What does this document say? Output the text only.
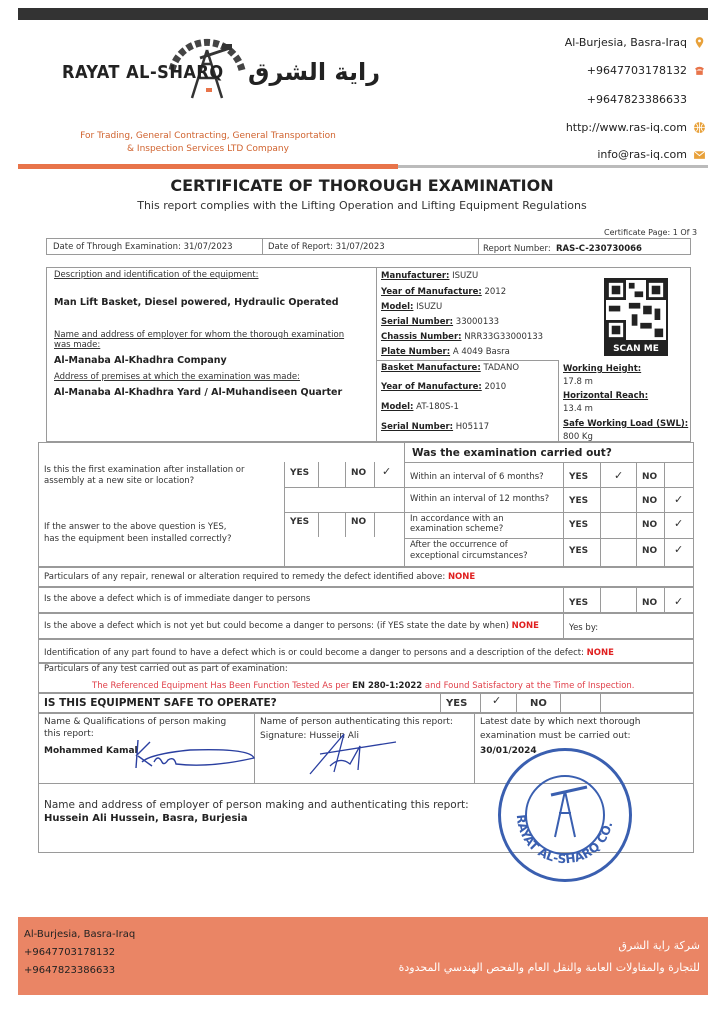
RAYAT AL-SHARQ راية الشرق
For Trading, General Contracting, General Transportation
& Inspection Services LTD Company
Al-Burjesia, Basra-Iraq
+9647703178132
+9647823386633
http://www.ras-iq.com
info@ras-iq.com
CERTIFICATE OF THOROUGH EXAMINATION
This report complies with the Lifting Operation and Lifting Equipment Regulations
Certificate Page: 1 Of 3
Date of Through Examination: 31/07/2023	Date of Report: 31/07/2023	Report Number: RAS-C-230730066
Description and identification of the equipment:
Man Lift Basket, Diesel powered, Hydraulic Operated
Name and address of employer for whom the thorough examination
was made:
Al-Manaba Al-Khadhra Company
Address of premises at which the examination was made:
Al-Manaba Al-Khadhra Yard / Al-Muhandiseen Quarter
Manufacturer: ISUZU
Year of Manufacture: 2012
Model: ISUZU
Serial Number: 33000133
Chassis Number: NRR33G33000133
Plate Number: A 4049 Basra
Basket Manufacture: TADANO
Year of Manufacture: 2010
Model: AT-180S-1
Serial Number: H05117
Working Height:
17.8 m
Horizontal Reach:
13.4 m
Safe Working Load (SWL):
800 Kg
SCAN ME
Is this the first examination after installation or
assembly at a new site or location?
YES	NO ✓
If the answer to the above question is YES,
has the equipment been installed correctly?
YES	NO
Was the examination carried out?
Within an interval of 6 months?	YES ✓ NO
Within an interval of 12 months? YES	NO ✓
In accordance with an
examination scheme?	YES	NO ✓
After the occurrence of
exceptional circumstances?	YES	NO ✓
Particulars of any repair, renewal or alteration required to remedy the defect identified above: NONE
Is the above a defect which is of immediate danger to persons	YES	NO ✓
Is the above a defect which is not yet but could become a danger to persons: (if YES state the date by when) NONE	Yes by:
Identification of any part found to have a defect which is or could become a danger to persons and a description of the defect: NONE
Particulars of any test carried out as part of examination:
The Referenced Equipment Has Been Function Tested As per EN 280-1:2022 and Found Satisfactory at the Time of Inspection.
IS THIS EQUIPMENT SAFE TO OPERATE?	YES ✓	NO
Name & Qualifications of person making
this report:
Mohammed Kamal
Name of person authenticating this report:
Signature: Hussein Ali
Latest date by which next thorough
examination must be carried out:
30/01/2024
Name and address of employer of person making and authenticating this report:
Hussein Ali Hussein, Basra, Burjesia	RAYAT AL-SHARQ CO.
Al-Burjesia, Basra-Iraq
+9647703178132
+9647823386633
شركة راية الشرق
للتجارة والمقاولات العامة والنقل العام والفحص الهندسي المحدودة
